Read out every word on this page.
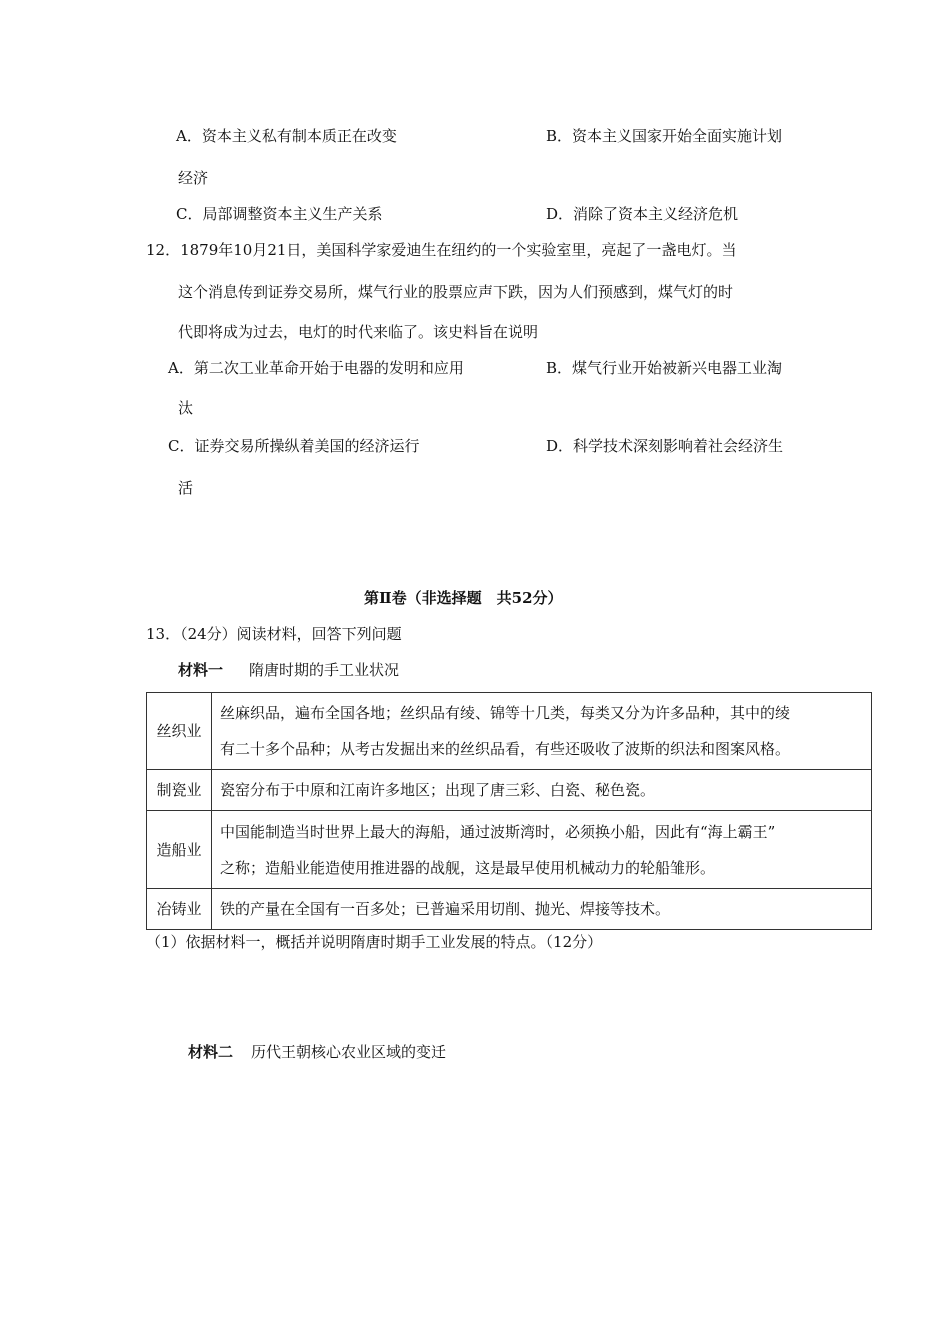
A．资本主义私有制本质正在改变	B．资本主义国家开始全面实施计划
经济
C．局部调整资本主义生产关系	D．消除了资本主义经济危机
12．1879年10月21日，美国科学家爱迪生在纽约的一个实验室里，亮起了一盏电灯。当
这个消息传到证券交易所，煤气行业的股票应声下跌，因为人们预感到，煤气灯的时
代即将成为过去，电灯的时代来临了。该史料旨在说明
A．第二次工业革命开始于电器的发明和应用	B．煤气行业开始被新兴电器工业淘
汰
C．证券交易所操纵着美国的经济运行	D．科学技术深刻影响着社会经济生
活
第Ⅱ卷（非选择题　共52分）
13．（24分）阅读材料，回答下列问题
材料一 隋唐时期的手工业状况
丝织业	丝麻织品，遍布全国各地；丝织品有绫、锦等十几类，每类又分为许多品种，其中的绫
有二十多个品种；从考古发掘出来的丝织品看，有些还吸收了波斯的织法和图案风格。

制瓷业	瓷窑分布于中原和江南许多地区；出现了唐三彩、白瓷、秘色瓷。

造船业	中国能制造当时世界上最大的海船，通过波斯湾时，必须换小船，因此有“海上霸王”
之称；造船业能造使用推进器的战舰，这是最早使用机械动力的轮船雏形。

冶铸业	铁的产量在全国有一百多处；已普遍采用切削、抛光、焊接等技术。
（1）依据材料一，概括并说明隋唐时期手工业发展的特点。（12分）
材料二 历代王朝核心农业区域的变迁
